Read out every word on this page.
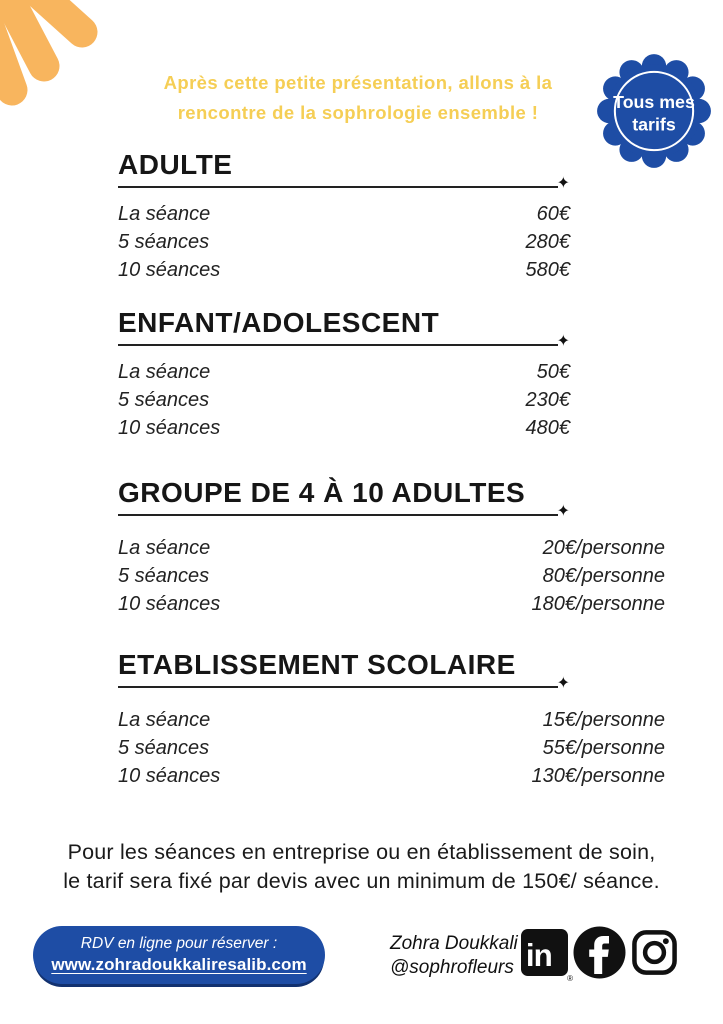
Après cette petite présentation, allons à la
rencontre de la sophrologie ensemble !
Tous mes
tarifs
ADULTE
✦
La séance	60€
5 séances	280€
10 séances	580€
ENFANT/ADOLESCENT
✦
La séance	50€
5 séances	230€
10 séances	480€
GROUPE DE 4 À 10 ADULTES
✦
La séance	20€/personne
5 séances	80€/personne
10 séances	180€/personne
ETABLISSEMENT SCOLAIRE
✦
La séance	15€/personne
5 séances	55€/personne
10 séances	130€/personne

Pour les séances en entreprise ou en établissement de soin,
le tarif sera fixé par devis avec un minimum de 150€/ séance.

RDV en ligne pour réserver :
www.zohradoukkaliresalib.com
Zohra Doukkali
@sophrofleurs in
®
